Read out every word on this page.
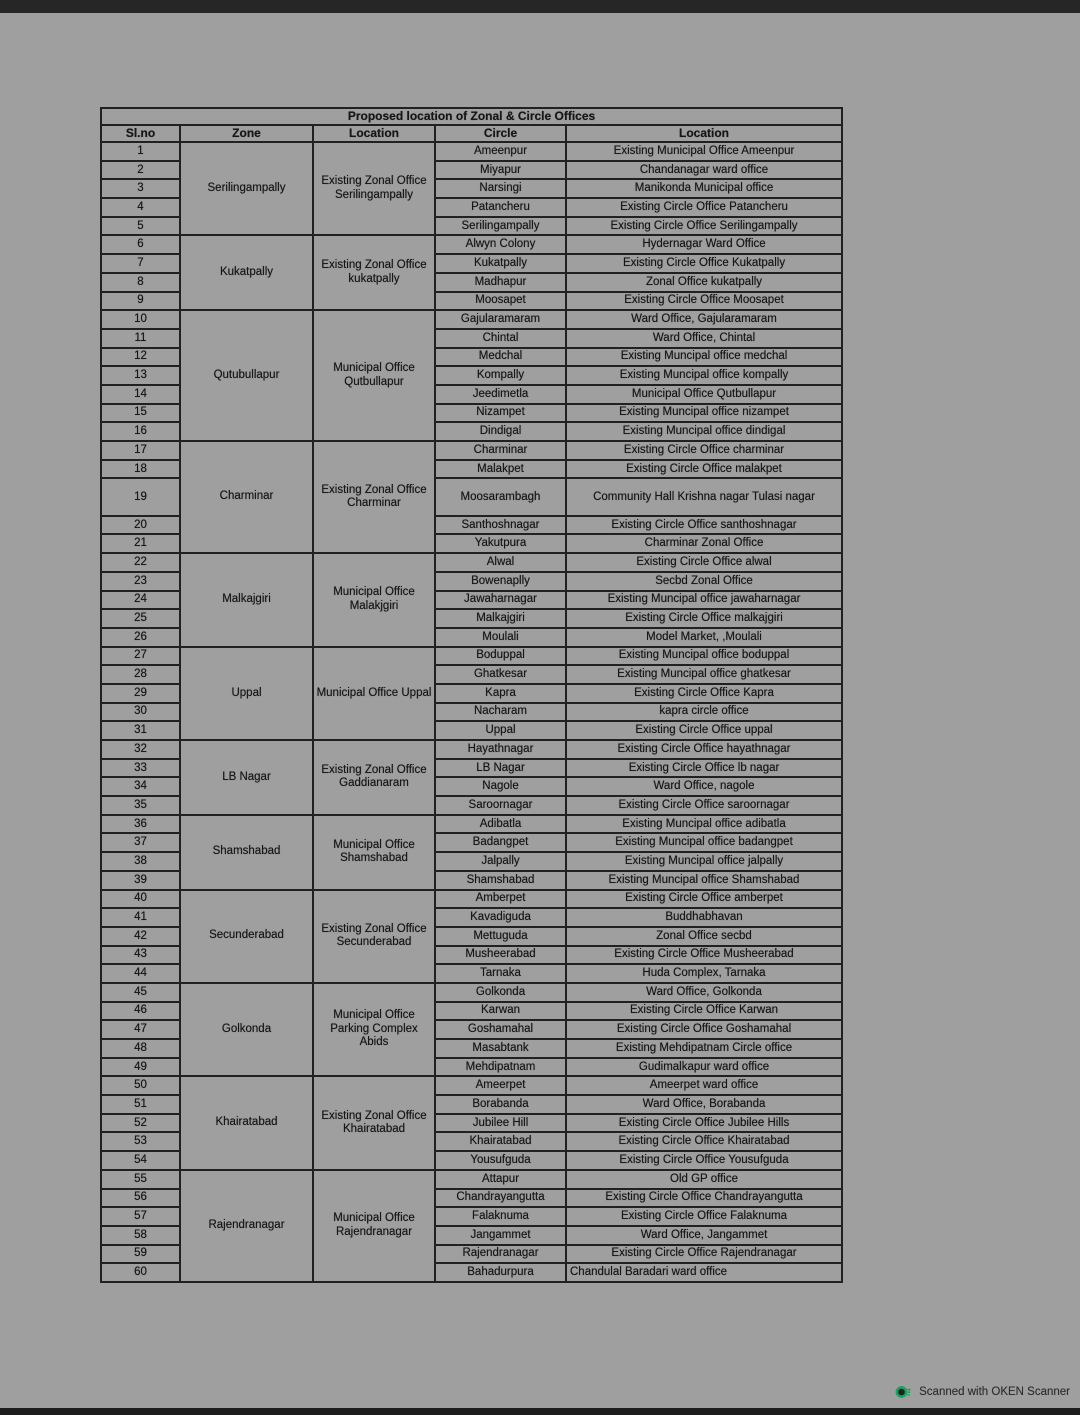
Proposed location of Zonal & Circle Offices				
Sl.no	Zone	Location	Circle	Location
1	Serilingampally	Existing Zonal Office Serilingampally	Ameenpur	Existing Municipal Office Ameenpur
2			Miyapur	Chandanagar ward office
3			Narsingi	Manikonda Municipal office
4			Patancheru	Existing Circle Office Patancheru
5			Serilingampally	Existing Circle Office Serilingampally
6	Kukatpally	Existing Zonal Office kukatpally	Alwyn Colony	Hydernagar Ward Office
7			Kukatpally	Existing Circle Office Kukatpally
8			Madhapur	Zonal Office kukatpally
9			Moosapet	Existing Circle Office Moosapet
10	Qutubullapur	Municipal Office Qutbullapur	Gajularamaram	Ward Office, Gajularamaram
11			Chintal	Ward Office, Chintal
12			Medchal	Existing Muncipal office medchal
13			Kompally	Existing Muncipal office kompally
14			Jeedimetla	Municipal Office Qutbullapur
15			Nizampet	Existing Muncipal office nizampet
16			Dindigal	Existing Muncipal office dindigal
17	Charminar	Existing Zonal Office Charminar	Charminar	Existing Circle Office charminar
18			Malakpet	Existing Circle Office malakpet
19			Moosarambagh	Community Hall Krishna nagar Tulasi nagar
20			Santhoshnagar	Existing Circle Office santhoshnagar
21			Yakutpura	Charminar Zonal Office
22	Malkajgiri	Municipal Office Malakjgiri	Alwal	Existing Circle Office alwal
23			Bowenaplly	Secbd Zonal Office
24			Jawaharnagar	Existing Muncipal office jawaharnagar
25			Malkajgiri	Existing Circle Office malkajgiri
26			Moulali	Model Market, ,Moulali
27	Uppal	Municipal Office Uppal	Boduppal	Existing Muncipal office boduppal
28			Ghatkesar	Existing Muncipal office ghatkesar
29			Kapra	Existing Circle Office Kapra
30			Nacharam	kapra circle office
31			Uppal	Existing Circle Office uppal
32	LB Nagar	Existing Zonal Office Gaddianaram	Hayathnagar	Existing Circle Office hayathnagar
33			LB Nagar	Existing Circle Office lb nagar
34			Nagole	Ward Office, nagole
35			Saroornagar	Existing Circle Office saroornagar
36	Shamshabad	Municipal Office Shamshabad	Adibatla	Existing Muncipal office adibatla
37			Badangpet	Existing Muncipal office badangpet
38			Jalpally	Existing Muncipal office jalpally
39			Shamshabad	Existing Muncipal office Shamshabad
40	Secunderabad	Existing Zonal Office Secunderabad	Amberpet	Existing Circle Office amberpet
41			Kavadiguda	Buddhabhavan
42			Mettuguda	Zonal Office secbd
43			Musheerabad	Existing Circle Office Musheerabad
44			Tarnaka	Huda Complex, Tarnaka
45	Golkonda	Municipal Office Parking Complex Abids	Golkonda	Ward Office, Golkonda
46			Karwan	Existing Circle Office Karwan
47			Goshamahal	Existing Circle Office Goshamahal
48			Masabtank	Existing Mehdipatnam Circle office
49			Mehdipatnam	Gudimalkapur ward office
50	Khairatabad	Existing Zonal Office Khairatabad	Ameerpet	Ameerpet ward office
51			Borabanda	Ward Office, Borabanda
52			Jubilee Hill	Existing Circle Office Jubilee Hills
53			Khairatabad	Existing Circle Office Khairatabad
54			Yousufguda	Existing Circle Office Yousufguda
55	Rajendranagar	Municipal Office Rajendranagar	Attapur	Old GP office
56			Chandrayangutta	Existing Circle Office Chandrayangutta
57			Falaknuma	Existing Circle Office Falaknuma
58			Jangammet	Ward Office, Jangammet
59			Rajendranagar	Existing Circle Office Rajendranagar
60			Bahadurpura	Chandulal Baradari ward office
Scanned with OKEN Scanner
